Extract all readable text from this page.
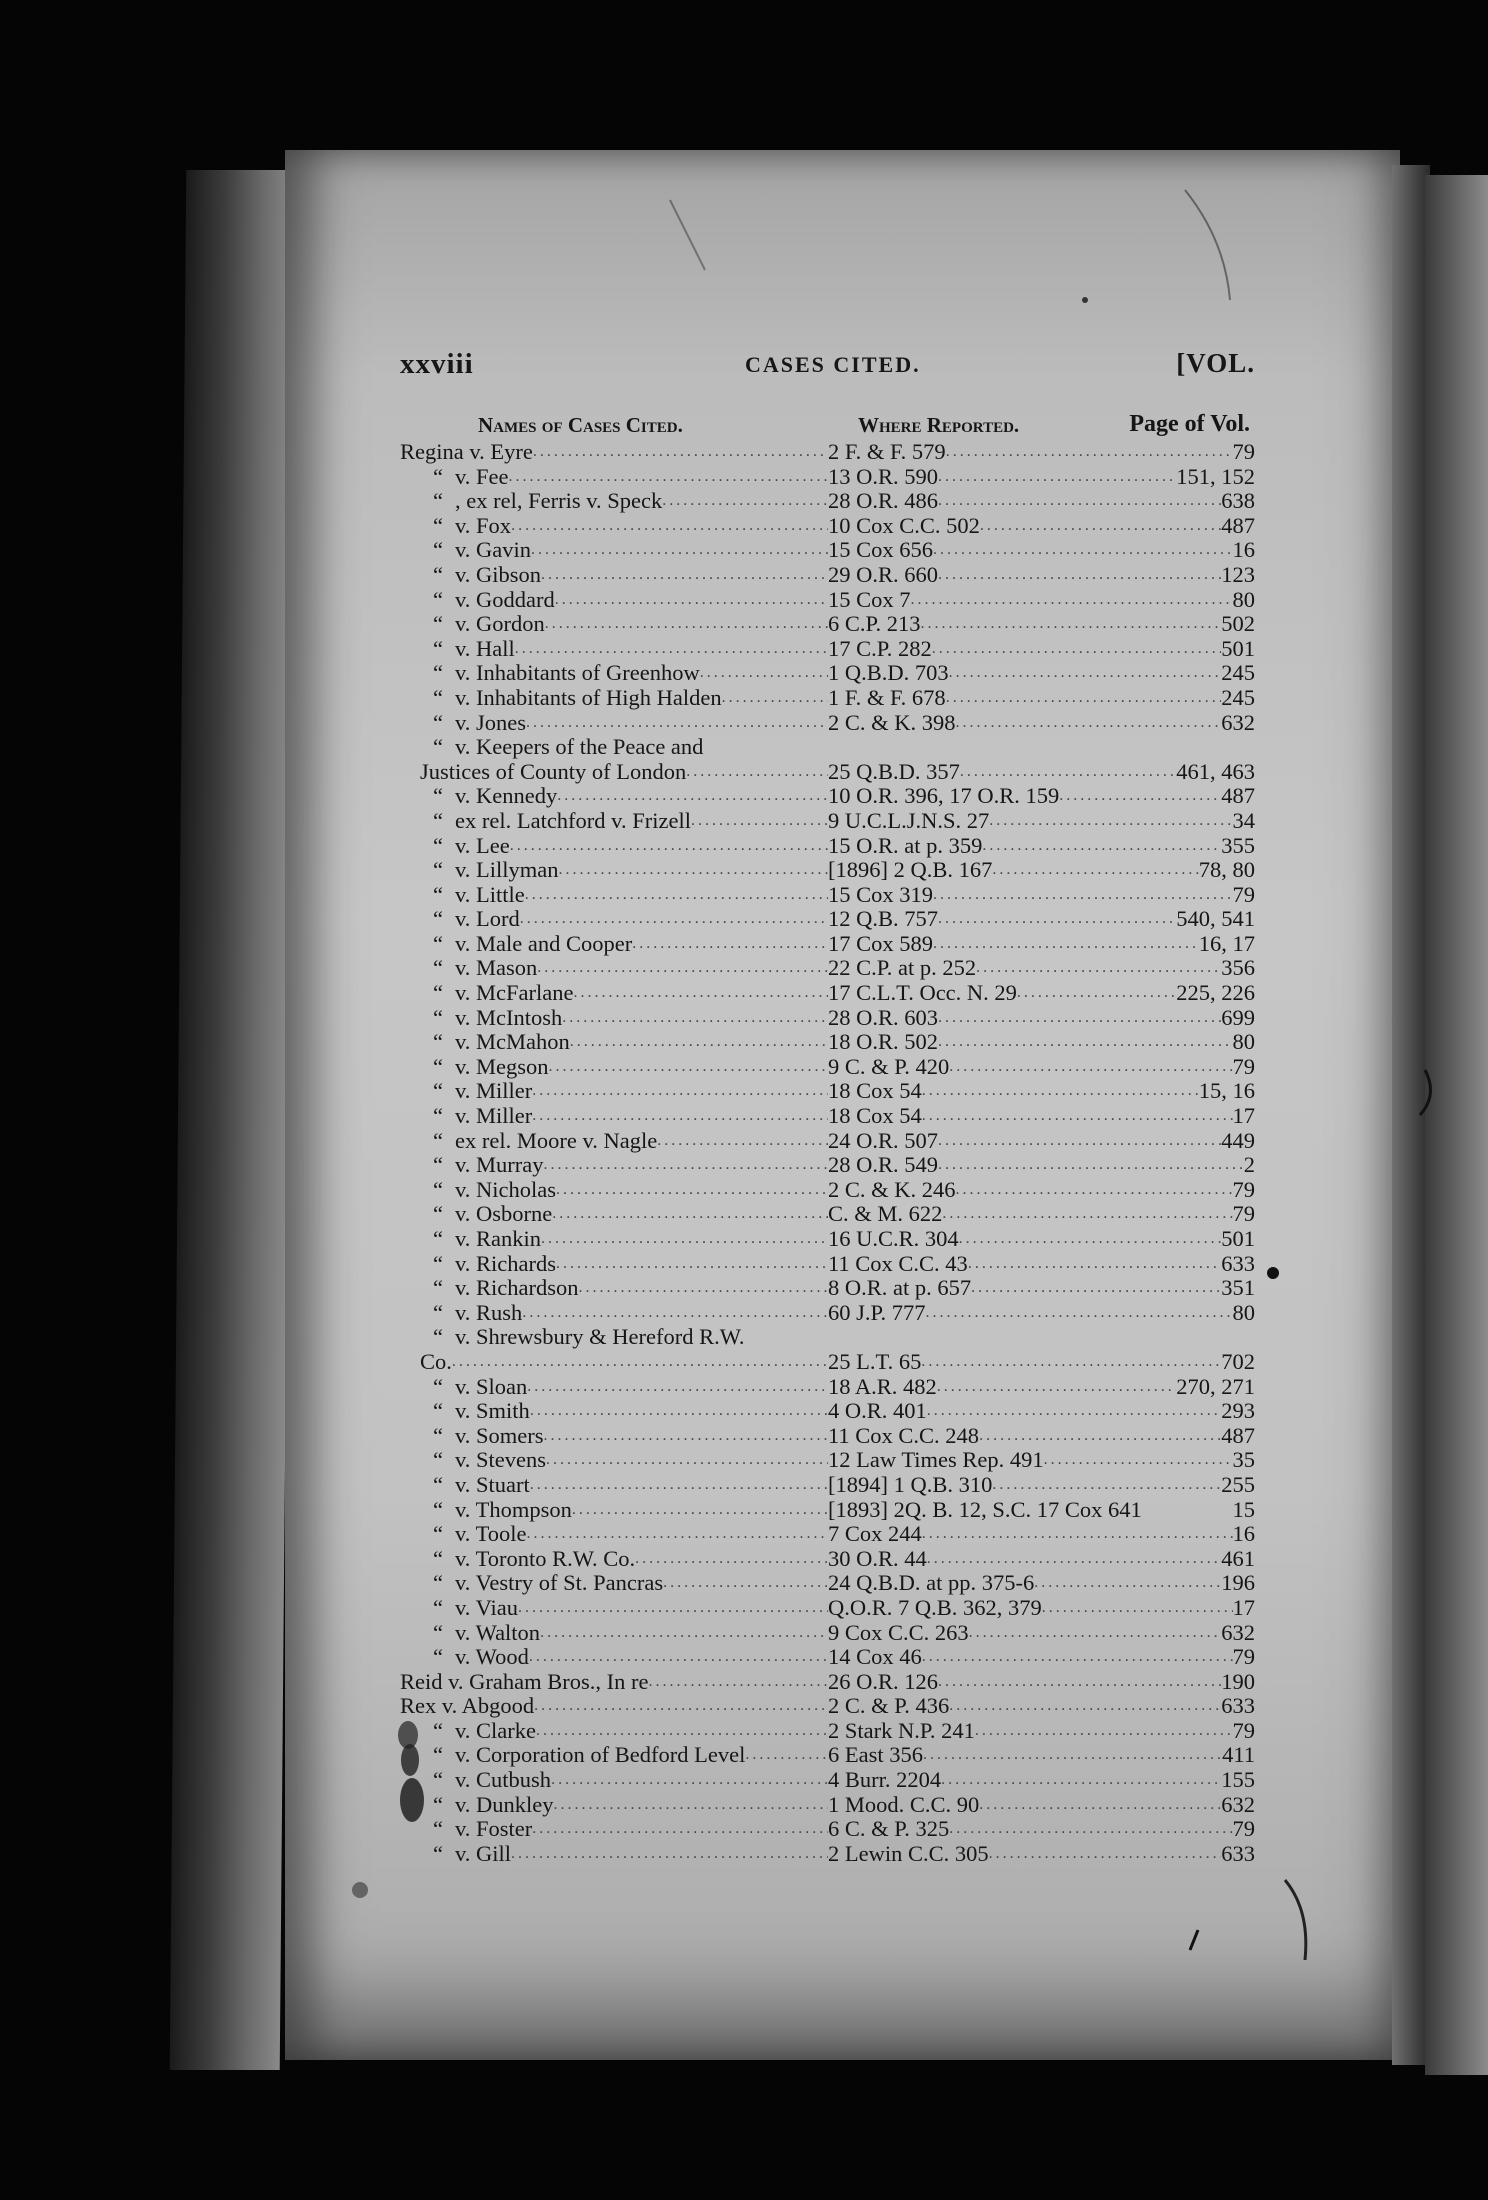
xxviii	CASES CITED.	[VOL.
Names of Cases Cited.	Where Reported.	Page of Vol.
Regina v. Eyre .....	2 F. & F. 579 .....	79
“ v. Fee .....	13 O.R. 590 .....	151, 152
“ , ex rel, Ferris v. Speck .....	28 O.R. 486 .....	638
“ v. Fox .....	10 Cox C.C. 502 .....	487
“ v. Gavin .....	15 Cox 656 .....	16
“ v. Gibson .....	29 O.R. 660 .....	123
“ v. Goddard .....	15 Cox 7 .....	80
“ v. Gordon .....	6 C.P. 213 .....	502
“ v. Hall .....	17 C.P. 282 .....	501
“ v. Inhabitants of Greenhow .....	1 Q.B.D. 703 .....	245
“ v. Inhabitants of High Halden .....	1 F. & F. 678 .....	245
“ v. Jones .....	2 C. & K. 398 .....	632
“ v. Keepers of the Peace and
Justices of County of London .....	25 Q.B.D. 357 .....	461, 463
“ v. Kennedy .....	10 O.R. 396, 17 O.R. 159 .....	487
“ ex rel. Latchford v. Frizell .....	9 U.C.L.J.N.S. 27 .....	34
“ v. Lee .....	15 O.R. at p. 359 .....	355
“ v. Lillyman .....	[1896] 2 Q.B. 167 .....	78, 80
“ v. Little .....	15 Cox 319 .....	79
“ v. Lord .....	12 Q.B. 757 .....	540, 541
“ v. Male and Cooper .....	17 Cox 589 .....	16, 17
“ v. Mason .....	22 C.P. at p. 252 .....	356
“ v. McFarlane .....	17 C.L.T. Occ. N. 29 .....	225, 226
“ v. McIntosh .....	28 O.R. 603 .....	699
“ v. McMahon .....	18 O.R. 502 .....	80
“ v. Megson .....	9 C. & P. 420 .....	79
“ v. Miller .....	18 Cox 54 .....	15, 16
“ v. Miller .....	18 Cox 54 .....	17
“ ex rel. Moore v. Nagle .....	24 O.R. 507 .....	449
“ v. Murray .....	28 O.R. 549 .....	2
“ v. Nicholas .....	2 C. & K. 246 .....	79
“ v. Osborne .....	C. & M. 622 .....	79
“ v. Rankin .....	16 U.C.R. 304 .....	501
“ v. Richards .....	11 Cox C.C. 43 .....	633
“ v. Richardson .....	8 O.R. at p. 657 .....	351
“ v. Rush .....	60 J.P. 777 .....	80
“ v. Shrewsbury & Hereford R.W.
Co. .....	25 L.T. 65 .....	702
“ v. Sloan .....	18 A.R. 482 .....	270, 271
“ v. Smith .....	4 O.R. 401 .....	293
“ v. Somers .....	11 Cox C.C. 248 .....	487
“ v. Stevens .....	12 Law Times Rep. 491 .....	35
“ v. Stuart .....	[1894] 1 Q.B. 310 .....	255
“ v. Thompson .....	[1893] 2Q. B. 12, S.C. 17 Cox 641	15
“ v. Toole .....	7 Cox 244 .....	16
“ v. Toronto R.W. Co. .....	30 O.R. 44 .....	461
“ v. Vestry of St. Pancras .....	24 Q.B.D. at pp. 375-6 .....	196
“ v. Viau .....	Q.O.R. 7 Q.B. 362, 379 .....	17
“ v. Walton .....	9 Cox C.C. 263 .....	632
“ v. Wood .....	14 Cox 46 .....	79
Reid v. Graham Bros., In re .....	26 O.R. 126 .....	190
Rex v. Abgood .....	2 C. & P. 436 .....	633
“ v. Clarke .....	2 Stark N.P. 241 .....	79
“ v. Corporation of Bedford Level .....	6 East 356 .....	411
“ v. Cutbush .....	4 Burr. 2204 .....	155
“ v. Dunkley .....	1 Mood. C.C. 90 .....	632
“ v. Foster .....	6 C. & P. 325 .....	79
“ v. Gill .....	2 Lewin C.C. 305 .....	633
